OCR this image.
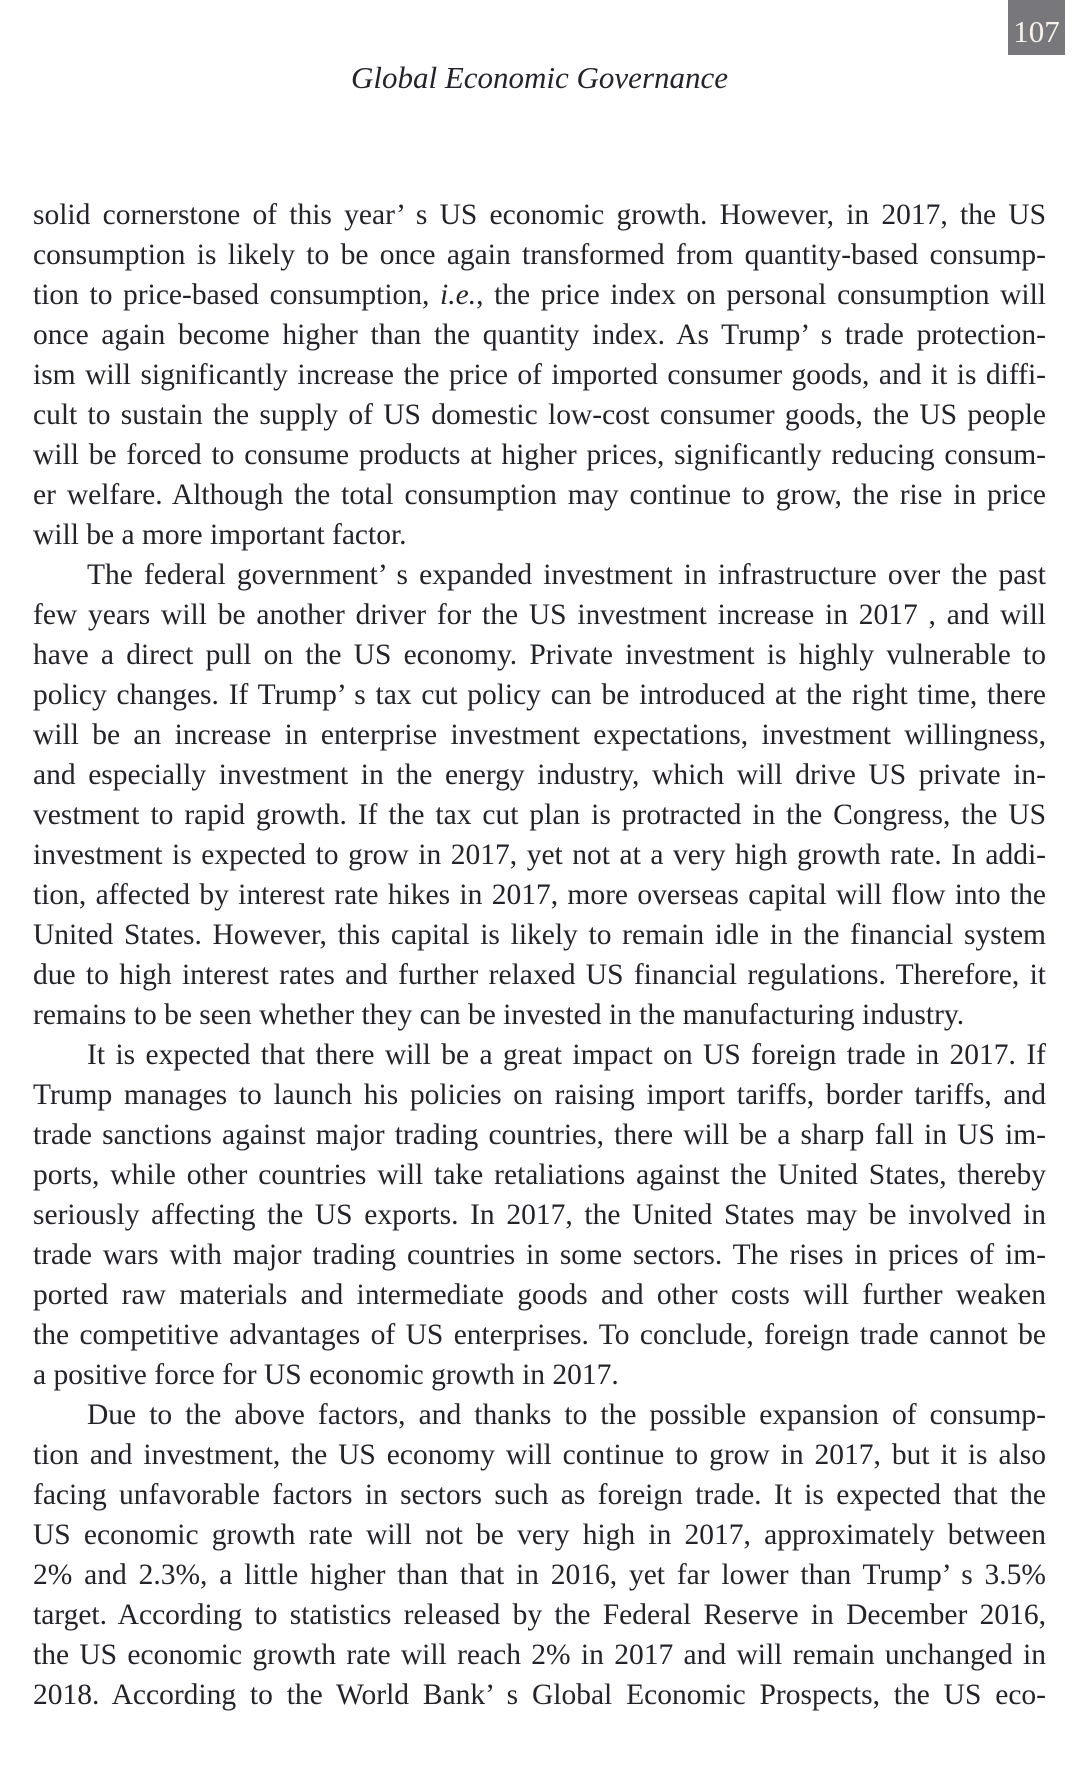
107
Global Economic Governance
solid cornerstone of this year’ s US economic growth. However, in 2017, the US
consumption is likely to be once again transformed from quantity-based consump-
tion to price-based consumption, i.e., the price index on personal consumption will
once again become higher than the quantity index. As Trump’ s trade protection-
ism will significantly increase the price of imported consumer goods, and it is diffi-
cult to sustain the supply of US domestic low-cost consumer goods, the US people
will be forced to consume products at higher prices, significantly reducing consum-
er welfare. Although the total consumption may continue to grow, the rise in price
will be a more important factor.
The federal government’ s expanded investment in infrastructure over the past
few years will be another driver for the US investment increase in 2017 , and will
have a direct pull on the US economy. Private investment is highly vulnerable to
policy changes. If Trump’ s tax cut policy can be introduced at the right time, there
will be an increase in enterprise investment expectations, investment willingness,
and especially investment in the energy industry, which will drive US private in-
vestment to rapid growth. If the tax cut plan is protracted in the Congress, the US
investment is expected to grow in 2017, yet not at a very high growth rate. In addi-
tion, affected by interest rate hikes in 2017, more overseas capital will flow into the
United States. However, this capital is likely to remain idle in the financial system
due to high interest rates and further relaxed US financial regulations. Therefore, it
remains to be seen whether they can be invested in the manufacturing industry.
It is expected that there will be a great impact on US foreign trade in 2017. If
Trump manages to launch his policies on raising import tariffs, border tariffs, and
trade sanctions against major trading countries, there will be a sharp fall in US im-
ports, while other countries will take retaliations against the United States, thereby
seriously affecting the US exports. In 2017, the United States may be involved in
trade wars with major trading countries in some sectors. The rises in prices of im-
ported raw materials and intermediate goods and other costs will further weaken
the competitive advantages of US enterprises. To conclude, foreign trade cannot be
a positive force for US economic growth in 2017.
Due to the above factors, and thanks to the possible expansion of consump-
tion and investment, the US economy will continue to grow in 2017, but it is also
facing unfavorable factors in sectors such as foreign trade. It is expected that the
US economic growth rate will not be very high in 2017, approximately between
2% and 2.3%, a little higher than that in 2016, yet far lower than Trump’ s 3.5%
target. According to statistics released by the Federal Reserve in December 2016,
the US economic growth rate will reach 2% in 2017 and will remain unchanged in
2018. According to the World Bank’ s Global Economic Prospects, the US eco-
